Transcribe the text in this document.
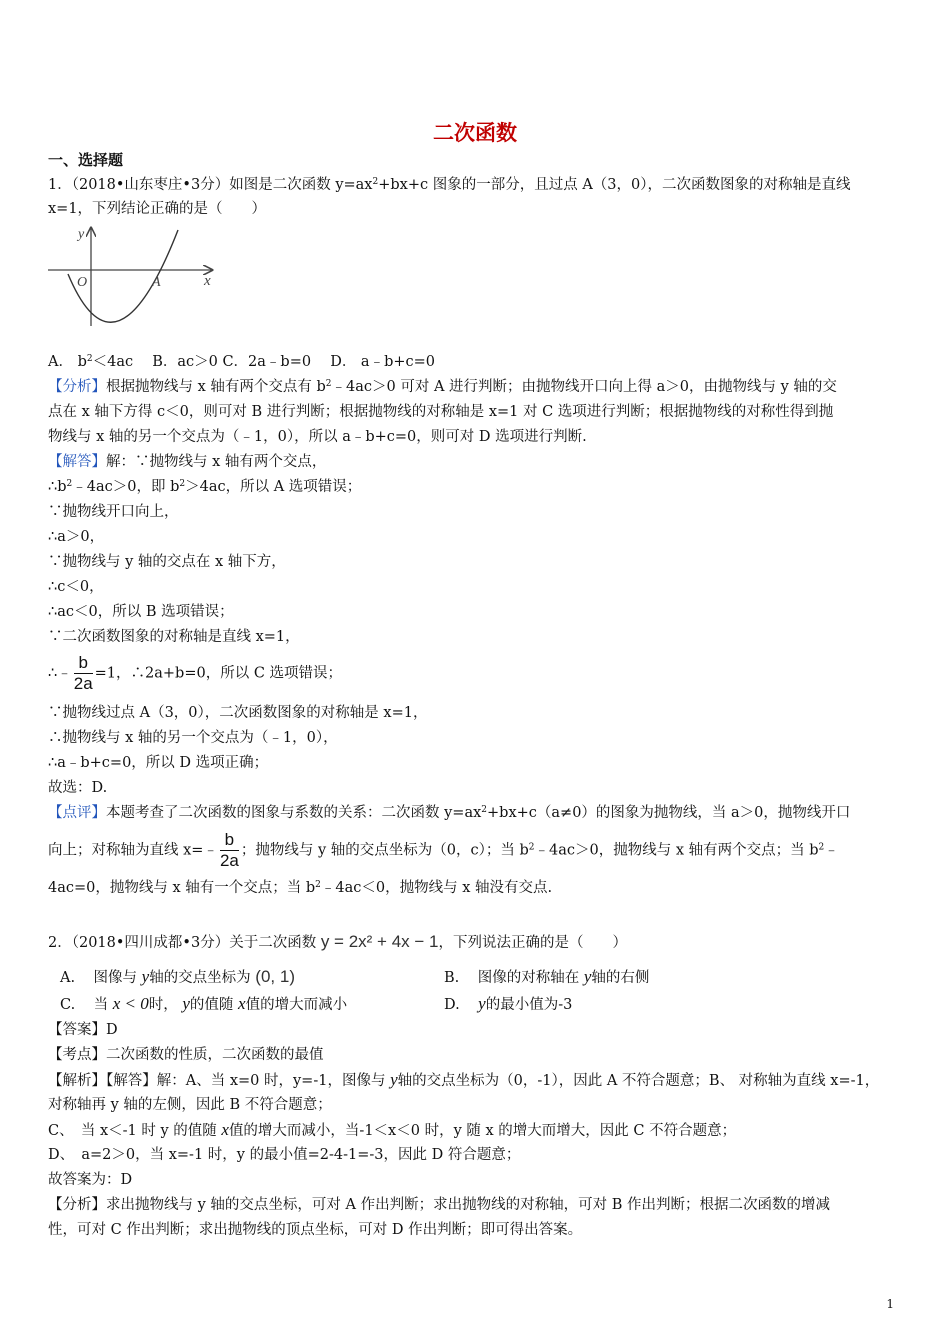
二次函数
一、选择题
1．（2018•山东枣庄•3分）如图是二次函数 $y=ax^2+bx+c$ 图象的一部分，且过点 A（3，0），二次函数图象的对称轴是直线
x=1，下列结论正确的是（　　）
y
x
O	A
A． $b^2<4ac$　 B．ac＞0 C．2a﹣b=0　 D． a﹣b+c=0
【分析】根据抛物线与 x 轴有两个交点有 $b^2﹣4ac>0$ 可对 A 进行判断；由抛物线开口向上得 a＞0，由抛物线与 y 轴的交
点在 x 轴下方得 c＜0，则可对 B 进行判断；根据抛物线的对称轴是 x=1 对 C 选项进行判断；根据抛物线的对称性得到抛
物线与 x 轴的另一个交点为（﹣1，0），所以 a﹣b+c=0，则可对 D 选项进行判断.
【解答】解：∵抛物线与 x 轴有两个交点，
$\therefore b^2﹣4ac>0$，即 $b^2>4ac$，所以 A 选项错误；
∵抛物线开口向上，
∴a＞0，
∵抛物线与 y 轴的交点在 x 轴下方，
∴c＜0，
∴ac＜0，所以 B 选项错误；
∵二次函数图象的对称轴是直线 x=1，
∴﹣ $\frac{b}{2a} =1$，∴2a+b=0，所以 C 选项错误；
∵抛物线过点 A（3，0），二次函数图象的对称轴是 x=1，
∴抛物线与 x 轴的另一个交点为（﹣1，0），
∴a﹣b+c=0，所以 D 选项正确；
故选：D.
【点评】本题考查了二次函数的图象与系数的关系：二次函数 $y=ax^2+bx+c(a\ne 0)$的图象为抛物线，当 a＞0，抛物线开口
向上；对称轴为直线 x=﹣ $\frac{b}{2a}$ ；抛物线与 y 轴的交点坐标为（0，c）；当 $b^2﹣4ac>0$，抛物线与 x 轴有两个交点；当 $b^2﹣$
4ac=0，抛物线与 x 轴有一个交点；当 $b^2﹣4ac<0$，抛物线与 x 轴没有交点.
2．（2018•四川成都•3分）关于二次函数 y = 2x² + 4x − 1，下列说法正确的是（　　）
A. 图像与 y轴的交点坐标为 (0, 1)	B. 图像的对称轴在 y轴的右侧
C. 当 x < 0时， y的值随 x值的增大而减小	D. y的最小值为-3
【答案】D
【考点】二次函数的性质，二次函数的最值
【解析】【解答】解：A、当 x=0 时，y=-1，图像与 y轴的交点坐标为（0，-1），因此 A 不符合题意；B、 对称轴为直线 x=-1，
对称轴再 y 轴的左侧，因此 B 不符合题意；
C、　当 x＜-1 时 y 的值随 x值的增大而减小，当-1＜x＜0 时，y 随 x 的增大而增大，因此 C 不符合题意；
D、　a=2＞0，当 x=-1 时，y 的最小值=2-4-1=-3，因此 D 符合题意；
故答案为：D
【分析】求出抛物线与 y 轴的交点坐标，可对 A 作出判断；求出抛物线的对称轴，可对 B 作出判断；根据二次函数的增减
性，可对 C 作出判断；求出抛物线的顶点坐标，可对 D 作出判断；即可得出答案。
1
